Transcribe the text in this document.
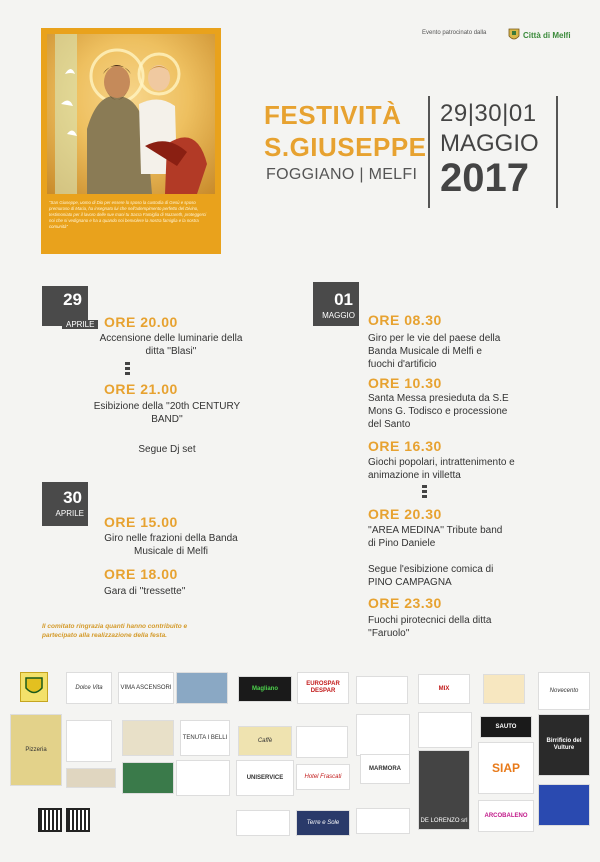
"San Giuseppe, uomo di Dio per essere lo sposo la custodia di Gesù e sposo premuroso di Maria, ha insegnato lui che nell'adempimento perfetto del Divino, testimoniato per il lavoro delle sue mani tu Sacra Famiglia di Nazareth, proteggerci noi che si vedignano e ha a quando noi benvolere la nostra famiglia e la nostra comunità"
Evento patrocinato dalla	Città di Melfi
FESTIVITÀ
S.GIUSEPPE
FOGGIANO | MELFI
29|30|01
MAGGIO
2017
29
APRILE ORE 20.00
Accensione delle luminarie della ditta ''Blasi''
ORE 21.00
Esibizione della ''20th CENTURY BAND''
Segue Dj set
30
APRILE
ORE 15.00
Giro nelle frazioni della Banda Musicale di Melfi
ORE 18.00
Gara di ''tressette''
01
MAGGIO ORE 08.30
Giro per le vie del paese della Banda Musicale di Melfi e fuochi d'artificio
ORE 10.30
Santa Messa presieduta da S.E Mons G. Todisco e processione del Santo
ORE 16.30
Giochi popolari, intrattenimento e animazione in villetta
ORE 20.30
''AREA MEDINA'' Tribute band di Pino Daniele
Segue l'esibizione comica di PINO CAMPAGNA
ORE 23.30
Fuochi pirotecnici della ditta ''Faruolo''
Il comitato ringrazia quanti hanno contribuito e partecipato alla realizzazione della festa.
Dolce Vita	VIMA ASCENSORI	Magliano
EUROSPAR DESPAR	MIX	Novecento
Pizzeria
TENUTA I BELLI	Caffè
SAUTO
Birrificio del Vulture
UNISERVICE	Hotel Frascati
MARMORA
DE LORENZO srl
SIAP
Terre e Sole
ARCOBALENO
